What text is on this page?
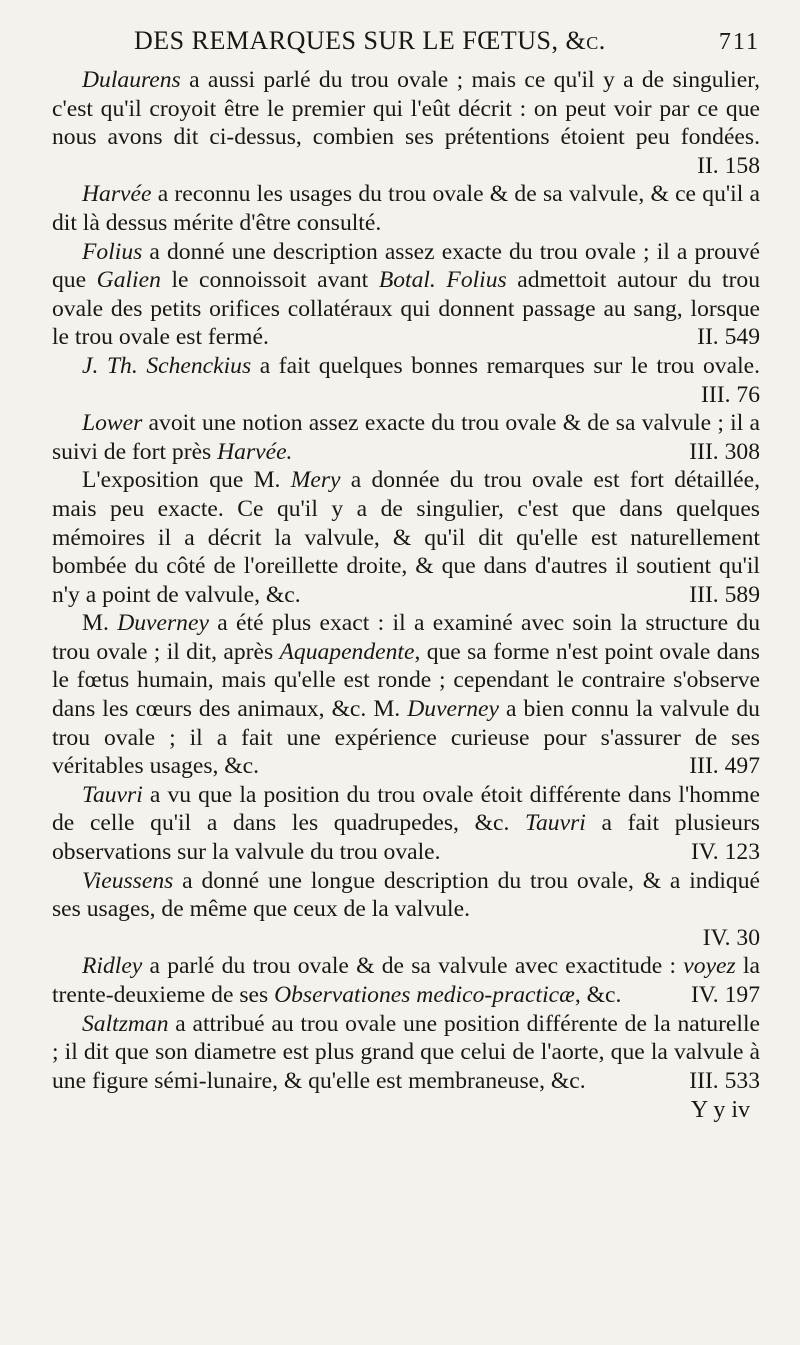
DES REMARQUES SUR LE FŒTUS, &c.	711

Dulaurens a aussi parlé du trou ovale ; mais ce qu'il y a de singulier, c'est qu'il croyoit être le premier qui l'eût décrit : on peut voir par ce que nous avons dit ci-dessus, combien ses prétentions étoient peu fondées.

II. 158

Harvée a reconnu les usages du trou ovale & de sa valvule, & ce qu'il a dit là dessus mérite d'être consulté.

Folius a donné une description assez exacte du trou ovale ; il a prouvé que Galien le connoissoit avant Botal. Folius admettoit autour du trou ovale des petits orifices collatéraux qui donnent passage au sang, lorsque le trou ovale est fermé.	II. 549

J. Th. Schenckius a fait quelques bonnes remarques sur le trou ovale.

III. 76

Lower avoit une notion assez exacte du trou ovale & de sa valvule ; il a suivi de fort près Harvée.	III. 308

L'exposition que M. Mery a donnée du trou ovale est fort détaillée, mais peu exacte. Ce qu'il y a de singulier, c'est que dans quelques mémoires il a décrit la valvule, & qu'il dit qu'elle est naturellement bombée du côté de l'oreillette droite, & que dans d'autres il soutient qu'il n'y a point de valvule, &c.	III. 589

M. Duverney a été plus exact : il a examiné avec soin la structure du trou ovale ; il dit, après Aquapendente, que sa forme n'est point ovale dans le fœtus humain, mais qu'elle est ronde ; cependant le contraire s'observe dans les cœurs des animaux, &c. M. Duverney a bien connu la valvule du trou ovale ; il a fait une expérience curieuse pour s'assurer de ses véritables usages, &c.	III. 497

Tauvri a vu que la position du trou ovale étoit différente dans l'homme de celle qu'il a dans les quadrupedes, &c. Tauvri a fait plusieurs observations sur la valvule du trou ovale.	IV. 123

Vieussens a donné une longue description du trou ovale, & a indiqué ses usages, de même que ceux de la valvule.

IV. 30

Ridley a parlé du trou ovale & de sa valvule avec exactitude : voyez la trente-deuxieme de ses Observationes medico-practicæ, &c.	IV. 197

Saltzman a attribué au trou ovale une position différente de la naturelle ; il dit que son diametre est plus grand que celui de l'aorte, que la valvule à une figure sémi-lunaire, & qu'elle est membraneuse, &c.	III. 533
Y y iv
